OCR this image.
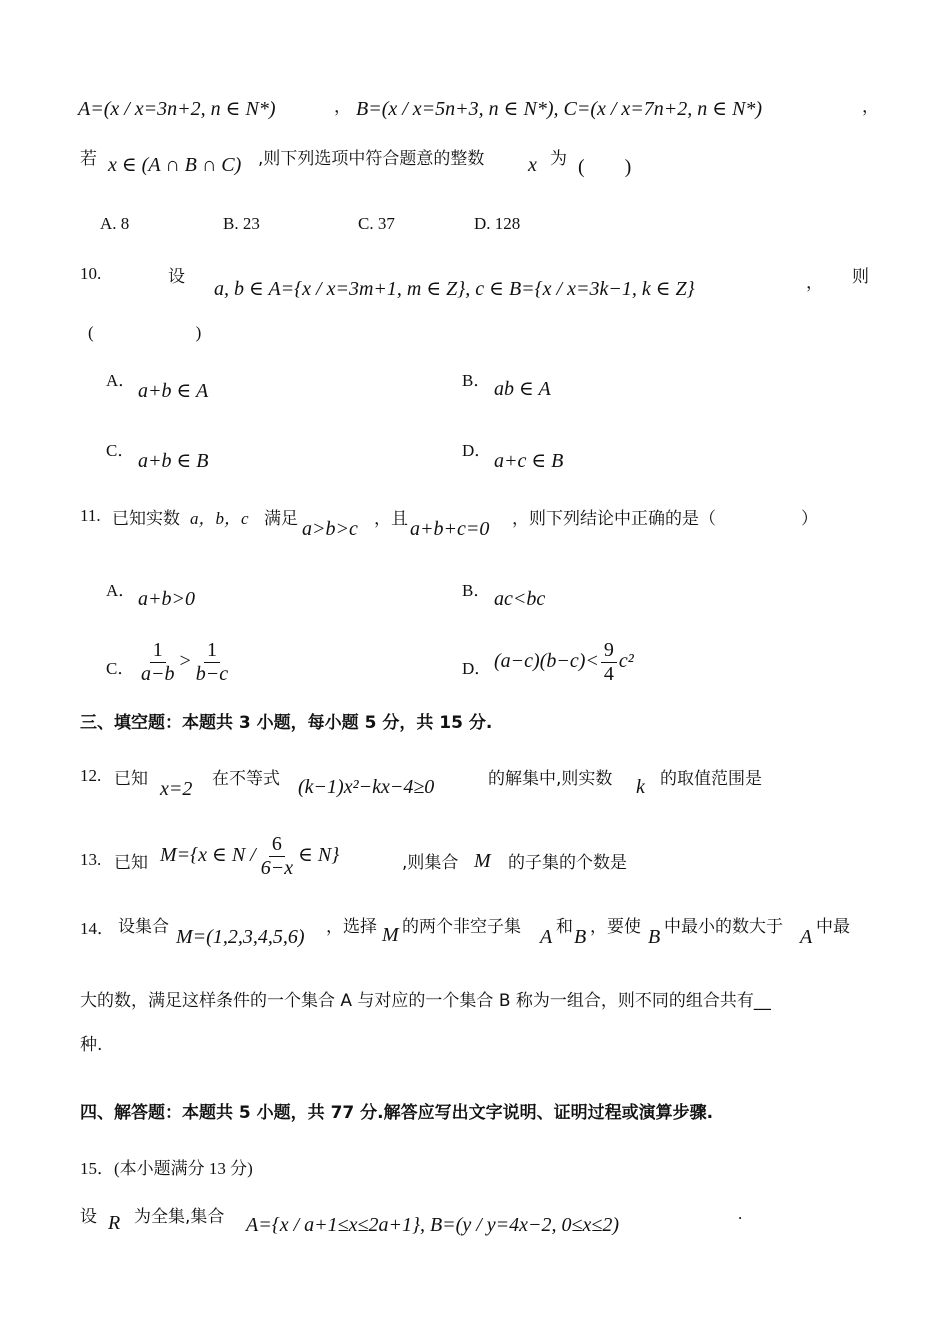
A=(x / x=3n+2, n ∈ N*)	， B=(x / x=5n+3, n ∈ N*), C=(x / x=7n+2, n ∈ N*)	，
若 x ∈ (A ∩ B ∩ C) ,则下列选项中符合题意的整数 x 为 (　　)
A. 8	B. 23	C. 37	D. 128
10.	设
a, b ∈ A={x / x=3m+1, m ∈ Z}, c ∈ B={x / x=3k−1, k ∈ Z}	， 则
(　　　　　　)
A． a+b ∈ A	B． ab ∈ A
C． a+b ∈ B	D． a+c ∈ B
11. 已知实数 a，b，c 满足 a>b>c ，且 a+b+c=0 ，则下列结论中正确的是（　　　　　）
A． a+b>0	B． ac<bc
C． $\frac{1}{a-b} > \frac{1}{b-c}$	D． $(a-c)(b-c)< \frac{9}{4} c^2$
三、填空题：本题共 3 小题，每小题 5 分，共 15 分.
12. 已知 x=2 在不等式 (k−1)x²−kx−4≥0	的解集中,则实数 k 的取值范围是
13. 已知 M={x ∈ N / $\frac{6}{6-x}$ ∈ N}	,则集合 M 的子集的个数是
14． 设集合 M=(1,2,3,4,5,6) ，选择 M 的两个非空子集 A 和 B ，要使 B 中最小的数大于 A 中最
大的数，满足这样条件的一个集合 A 与对应的一个集合 B 称为一组合，则不同的组合共有__
种.
四、解答题：本题共 5 小题，共 77 分.解答应写出文字说明、证明过程或演算步骤.
15．(本小题满分 13 分)
设 R 为全集,集合 A={x / a+1≤x≤2a+1}, B=(y / y=4x−2, 0≤x≤2)
.
